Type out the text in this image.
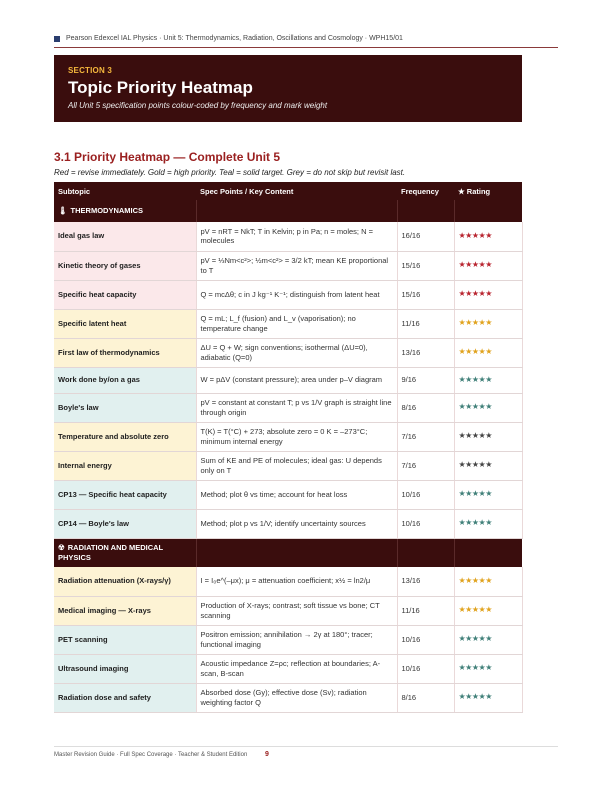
Pearson Edexcel IAL Physics · Unit 5: Thermodynamics, Radiation, Oscillations and Cosmology · WPH15/01
SECTION 3
Topic Priority Heatmap
All Unit 5 specification points colour-coded by frequency and mark weight
3.1 Priority Heatmap — Complete Unit 5
Red = revise immediately. Gold = high priority. Teal = solid target. Grey = do not skip but revisit last.
Subtopic	Spec Points / Key Content	Frequency	★ Rating
🌡 THERMODYNAMICS			
Ideal gas law	pV = nRT = NkT; T in Kelvin; p in Pa; n = moles; N = molecules	16/16	★★★★★
Kinetic theory of gases	pV = ⅓Nm<c²>; ½m<c²> = 3/2 kT; mean KE proportional to T	15/16	★★★★★
Specific heat capacity	Q = mcΔθ; c in J kg⁻¹ K⁻¹; distinguish from latent heat	15/16	★★★★★
Specific latent heat	Q = mL; L_f (fusion) and L_v (vaporisation); no temperature change	11/16	★★★★★
First law of thermodynamics	ΔU = Q + W; sign conventions; isothermal (ΔU=0), adiabatic (Q=0)	13/16	★★★★★
Work done by/on a gas	W = pΔV (constant pressure); area under p–V diagram	9/16	★★★★★
Boyle's law	pV = constant at constant T; p vs 1/V graph is straight line through origin	8/16	★★★★★
Temperature and absolute zero	T(K) = T(°C) + 273; absolute zero = 0 K = –273°C; minimum internal energy	7/16	★★★★★
Internal energy	Sum of KE and PE of molecules; ideal gas: U depends only on T	7/16	★★★★★
CP13 — Specific heat capacity	Method; plot θ vs time; account for heat loss	10/16	★★★★★
CP14 — Boyle's law	Method; plot p vs 1/V; identify uncertainty sources	10/16	★★★★★
☢ RADIATION AND MEDICAL PHYSICS			
Radiation attenuation (X-rays/γ)	I = I₀e^(–μx); μ = attenuation coefficient; x½ = ln2/μ	13/16	★★★★★
Medical imaging — X-rays	Production of X-rays; contrast; soft tissue vs bone; CT scanning	11/16	★★★★★
PET scanning	Positron emission; annihilation → 2γ at 180°; tracer; functional imaging	10/16	★★★★★
Ultrasound imaging	Acoustic impedance Z=ρc; reflection at boundaries; A-scan, B-scan	10/16	★★★★★
Radiation dose and safety	Absorbed dose (Gy); effective dose (Sv); radiation weighting factor Q	8/16	★★★★★
Master Revision Guide · Full Spec Coverage · Teacher & Student Edition	9
